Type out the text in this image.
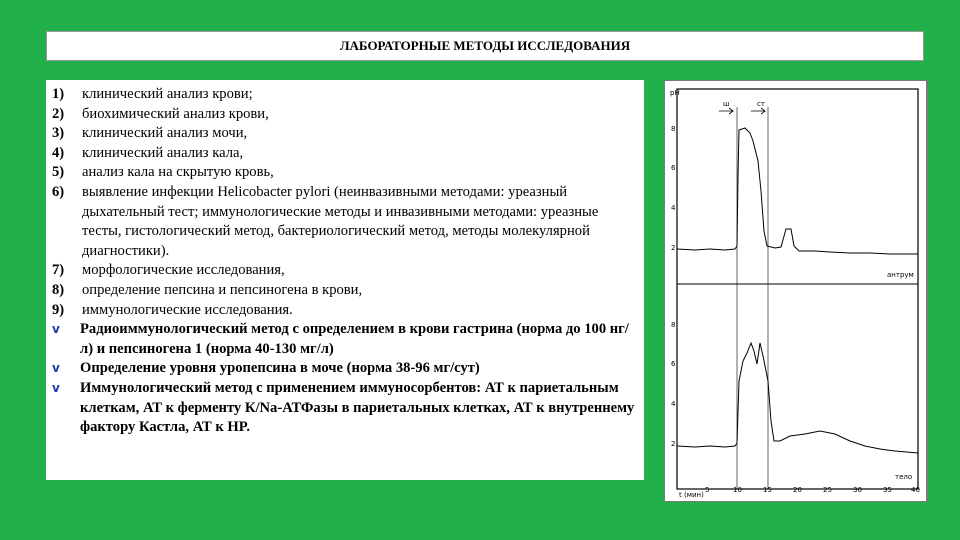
ЛАБОРАТОРНЫЕ МЕТОДЫ ИССЛЕДОВАНИЯ
1)	клинический анализ крови;
2)	биохимический анализ крови,
3)	клинический анализ мочи,
4)	клинический анализ кала,
5)	анализ кала на скрытую кровь,
6)	выявление инфекции Helicobacter pylori (неинвазивными методами: уреазный дыхательный тест; иммунологические методы и инвазивными методами: уреазные тесты, гистологический метод, бактериологический метод, методы молекулярной диагностики).
7)	морфологические исследования,
8)	определение пепсина и пепсиногена в крови,
9)	иммунологические исследования.
v	Радиоиммунологический метод с определением в крови гастрина (норма до 100 нг/л) и пепсиногена 1 (норма 40-130 мг/л)
v	Определение уровня уропепсина в моче (норма 38-96 мг/сут)
v	Иммунологический метод с применением иммуносорбентов: АТ к париетальным клеткам, АТ к ферменту К/Na-АТФазы в париетальных клетках, АТ к внутреннему фактору Кастла, АТ к HP.
pH
8
6
4
2
8
6
4
2
t (мин)
5	10	15	20	25	30	35	40
ш	ст
антрум
тело
